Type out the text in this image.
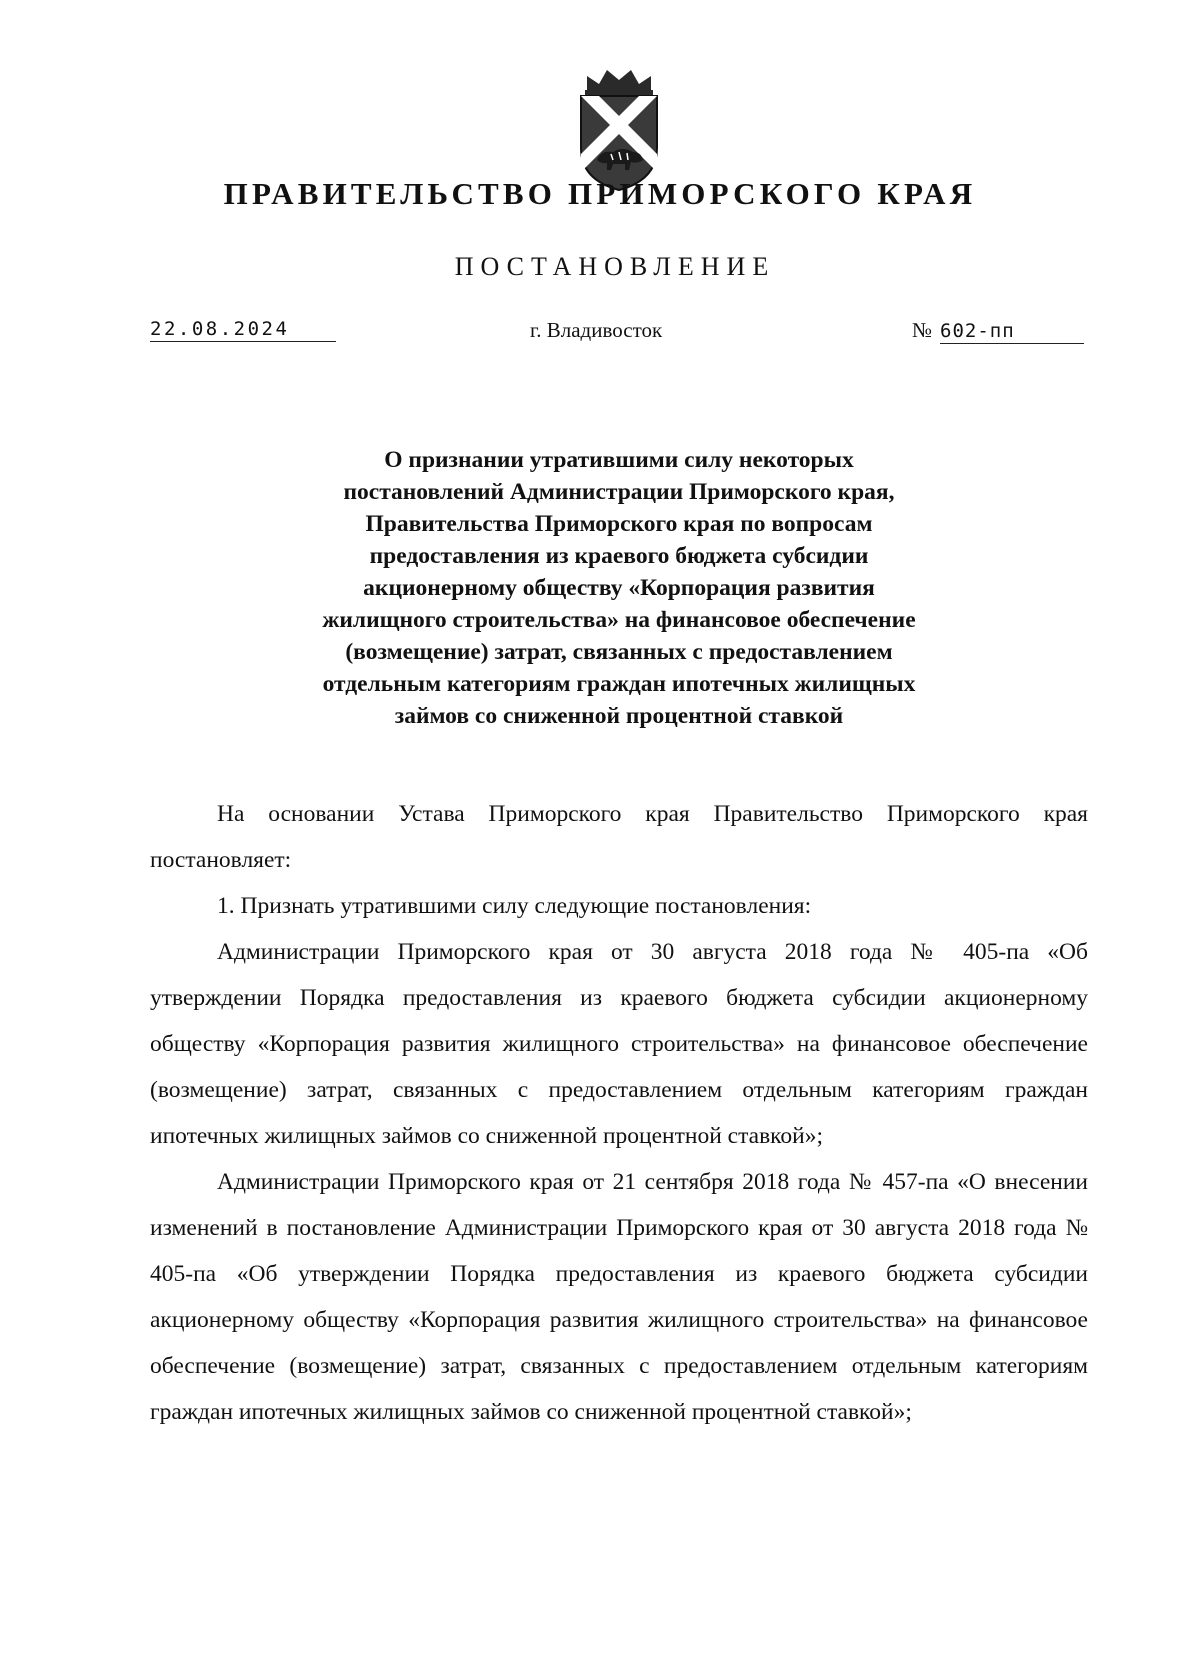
ПРАВИТЕЛЬСТВО ПРИМОРСКОГО КРАЯ
ПОСТАНОВЛЕНИЕ
22.08.2024	г. Владивосток	№ 602-пп
О признании утратившими силу некоторых
постановлений Администрации Приморского края,
Правительства Приморского края по вопросам
предоставления из краевого бюджета субсидии
акционерному обществу «Корпорация развития
жилищного строительства» на финансовое обеспечение
(возмещение) затрат, связанных с предоставлением
отдельным категориям граждан ипотечных жилищных
займов со сниженной процентной ставкой

На основании Устава Приморского края Правительство Приморского края постановляет:

1. Признать утратившими силу следующие постановления:

Администрации Приморского края от 30 августа 2018 года № 405-па «Об утверждении Порядка предоставления из краевого бюджета субсидии акционерному обществу «Корпорация развития жилищного строительства» на финансовое обеспечение (возмещение) затрат, связанных с предоставлением отдельным категориям граждан ипотечных жилищных займов со сниженной процентной ставкой»;

Администрации Приморского края от 21 сентября 2018 года № 457-па «О внесении изменений в постановление Администрации Приморского края от 30 августа 2018 года № 405-па «Об утверждении Порядка предоставления из краевого бюджета субсидии акционерному обществу «Корпорация развития жилищного строительства» на финансовое обеспечение (возмещение) затрат, связанных с предоставлением отдельным категориям граждан ипотечных жилищных займов со сниженной процентной ставкой»;
